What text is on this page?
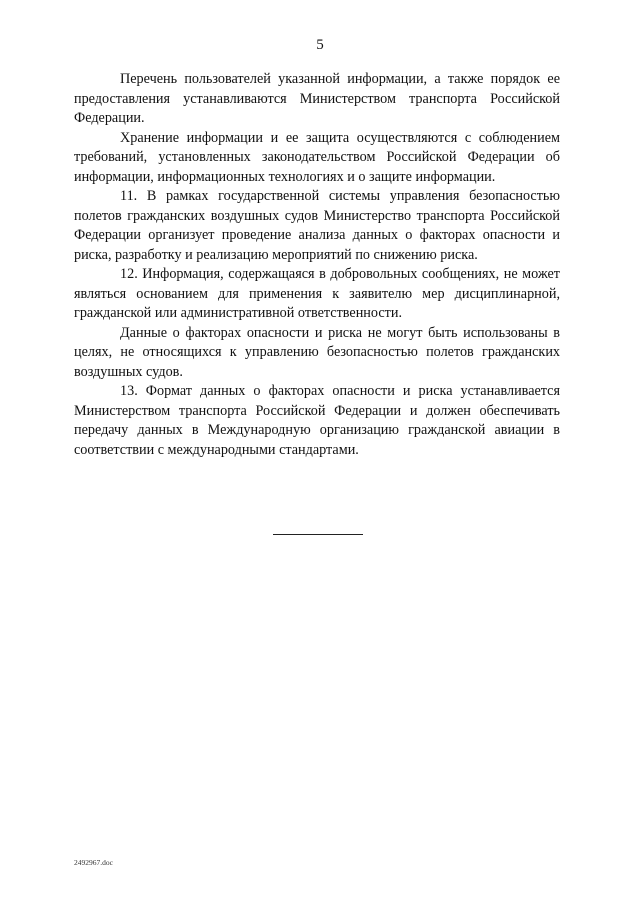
5

Перечень пользователей указанной информации, а также порядок ее предоставления устанавливаются Министерством транспорта Российской Федерации.

Хранение информации и ее защита осуществляются с соблюдением требований, установленных законодательством Российской Федерации об информации, информационных технологиях и о защите информации.

11. В рамках государственной системы управления безопасностью полетов гражданских воздушных судов Министерство транспорта Российской Федерации организует проведение анализа данных о факторах опасности и риска, разработку и реализацию мероприятий по снижению риска.

12. Информация, содержащаяся в добровольных сообщениях, не может являться основанием для применения к заявителю мер дисциплинарной, гражданской или административной ответственности.

Данные о факторах опасности и риска не могут быть использованы в целях, не относящихся к управлению безопасностью полетов гражданских воздушных судов.

13. Формат данных о факторах опасности и риска устанавливается Министерством транспорта Российской Федерации и должен обеспечивать передачу данных в Международную организацию гражданской авиации в соответствии с международными стандартами.

2492967.doc
